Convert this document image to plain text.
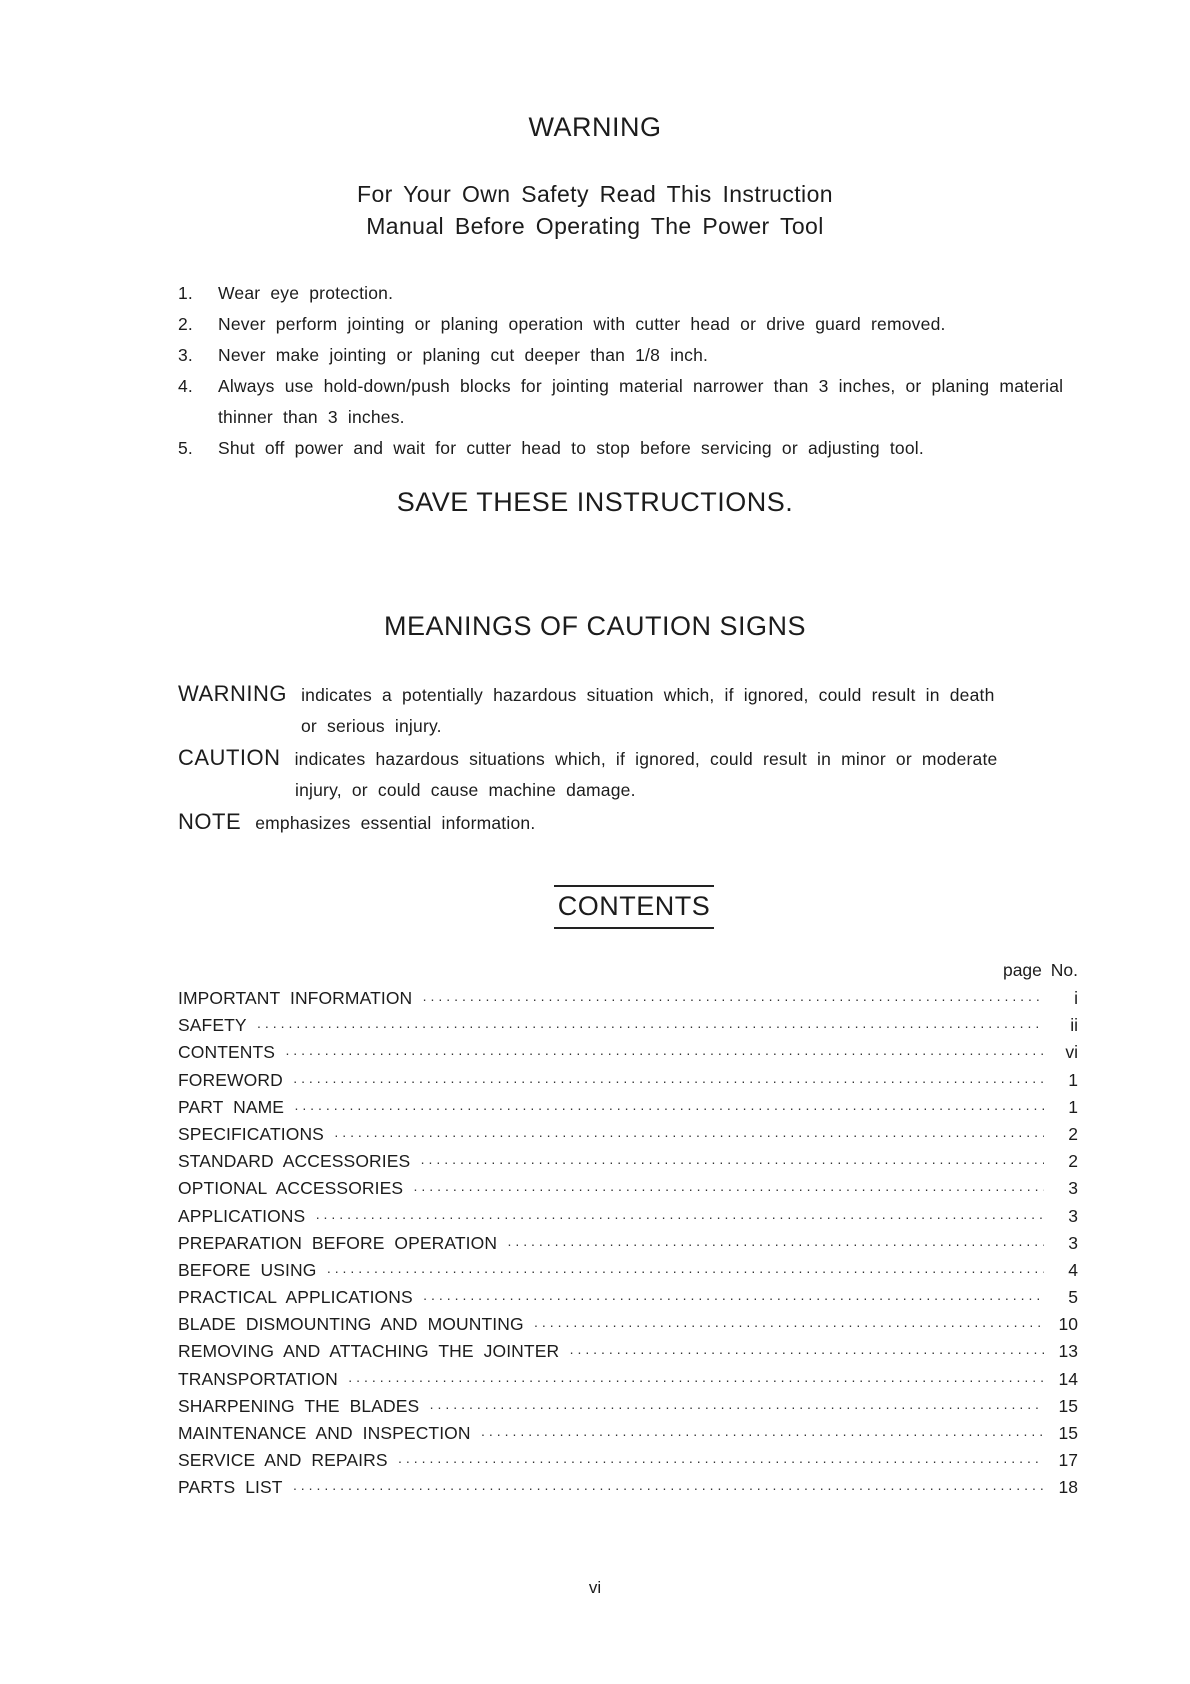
WARNING
For Your Own Safety Read This Instruction
Manual Before Operating The Power Tool
1. Wear eye protection.
2. Never perform jointing or planing operation with cutter head or drive guard removed.
3. Never make jointing or planing cut deeper than 1/8 inch.
4. Always use hold-down/push blocks for jointing material narrower than 3 inches, or planing material thinner than 3 inches.
5. Shut off power and wait for cutter head to stop before servicing or adjusting tool.
SAVE THESE INSTRUCTIONS.
MEANINGS OF CAUTION SIGNS
WARNING indicates a potentially hazardous situation which, if ignored, could result in death
or serious injury.
CAUTION indicates hazardous situations which, if ignored, could result in minor or moderate
injury, or could cause machine damage.
NOTE emphasizes essential information.
CONTENTS
page No.
IMPORTANT INFORMATION ·····	i
SAFETY ·····	ii
CONTENTS ·····	vi
FOREWORD ·····	1
PART NAME ·····	1
SPECIFICATIONS ·····	2
STANDARD ACCESSORIES ·····	2
OPTIONAL ACCESSORIES ·····	3
APPLICATIONS ·····	3
PREPARATION BEFORE OPERATION ·····	3
BEFORE USING ·····	4
PRACTICAL APPLICATIONS ·····	5
BLADE DISMOUNTING AND MOUNTING ·····	10
REMOVING AND ATTACHING THE JOINTER ·····	13
TRANSPORTATION ·····	14
SHARPENING THE BLADES ·····	15
MAINTENANCE AND INSPECTION ·····	15
SERVICE AND REPAIRS ·····	17
PARTS LIST ·····	18
vi
